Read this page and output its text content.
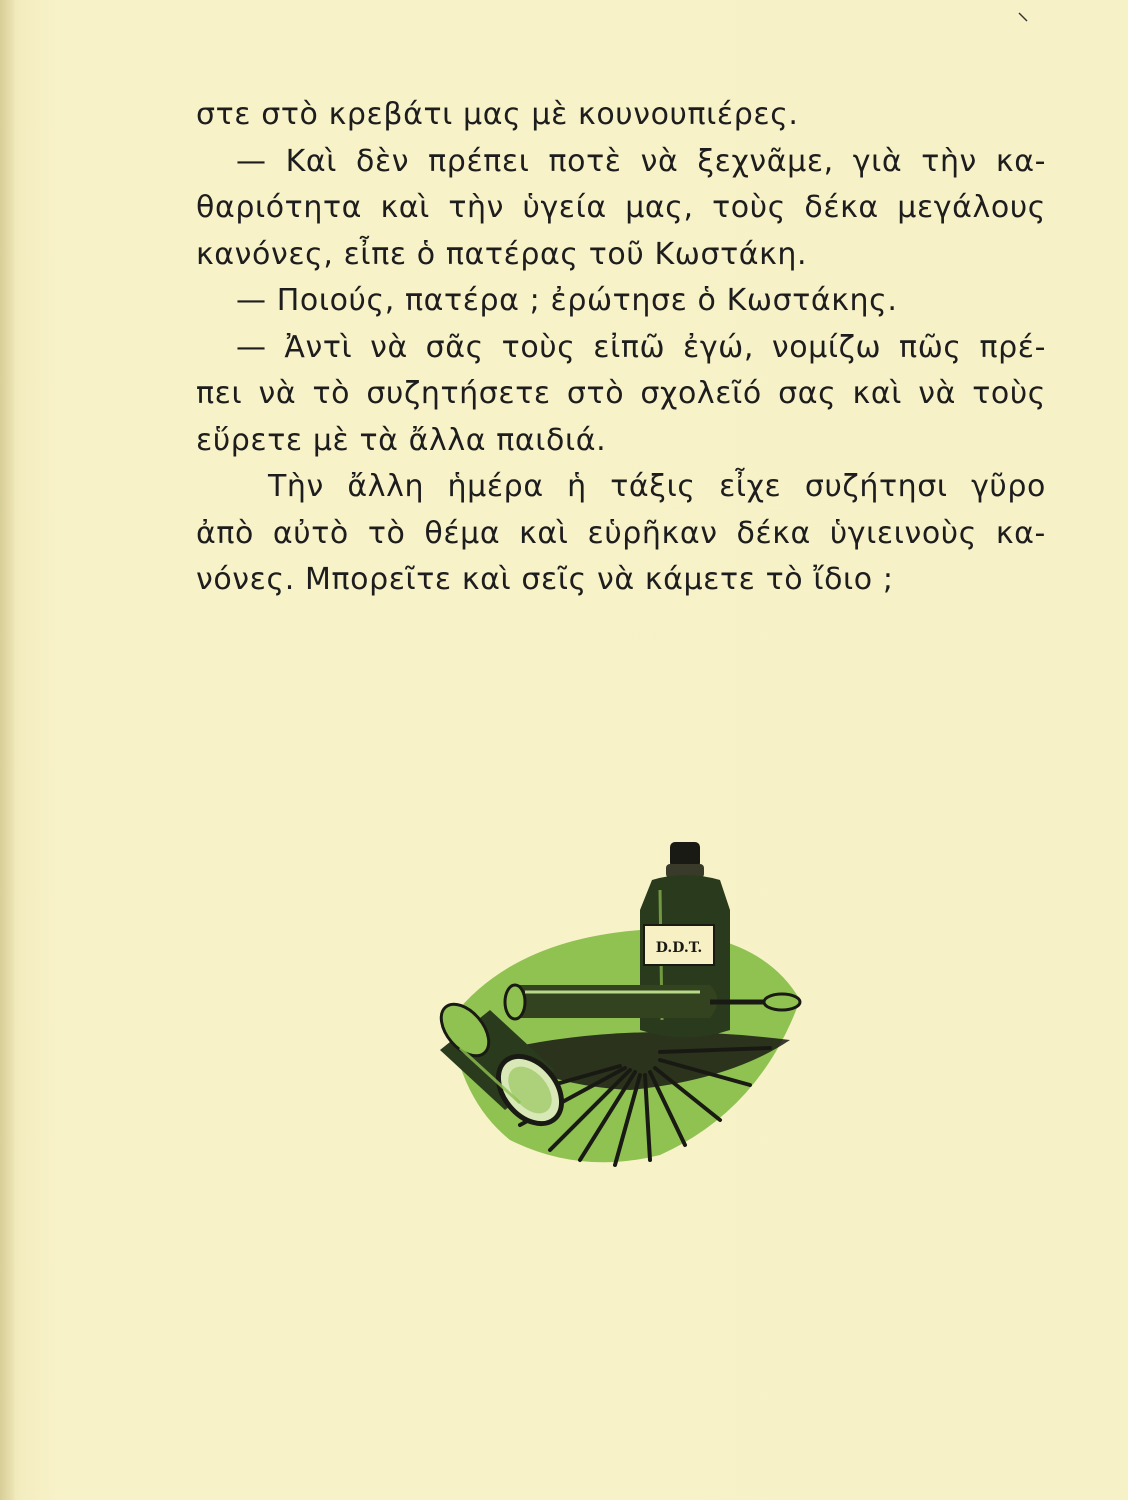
στε στὸ κρεβάτι μας μὲ κουνουπιέρες.
— Καὶ δὲν πρέπει ποτὲ νὰ ξεχνᾶμε, γιὰ τὴν κα-
θαριότητα καὶ τὴν ὑγεία μας, τοὺς δέκα μεγάλους
κανόνες, εἶπε ὁ πατέρας τοῦ Κωστάκη.
— Ποιούς, πατέρα ; ἐρώτησε ὁ Κωστάκης.
— Ἀντὶ νὰ σᾶς τοὺς εἰπῶ ἐγώ, νομίζω πῶς πρέ-
πει νὰ τὸ συζητήσετε στὸ σχολεῖό σας καὶ νὰ τοὺς
εὕρετε μὲ τὰ ἄλλα παιδιά.
Τὴν ἄλλη ἡμέρα ἡ τάξις εἶχε συζήτησι γῦρο
ἀπὸ αὐτὸ τὸ θέμα καὶ εὑρῆκαν δέκα ὑγιεινοὺς κα-
νόνες. Μπορεῖτε καὶ σεῖς νὰ κάμετε τὸ ἴδιο ;
D.D.T.
